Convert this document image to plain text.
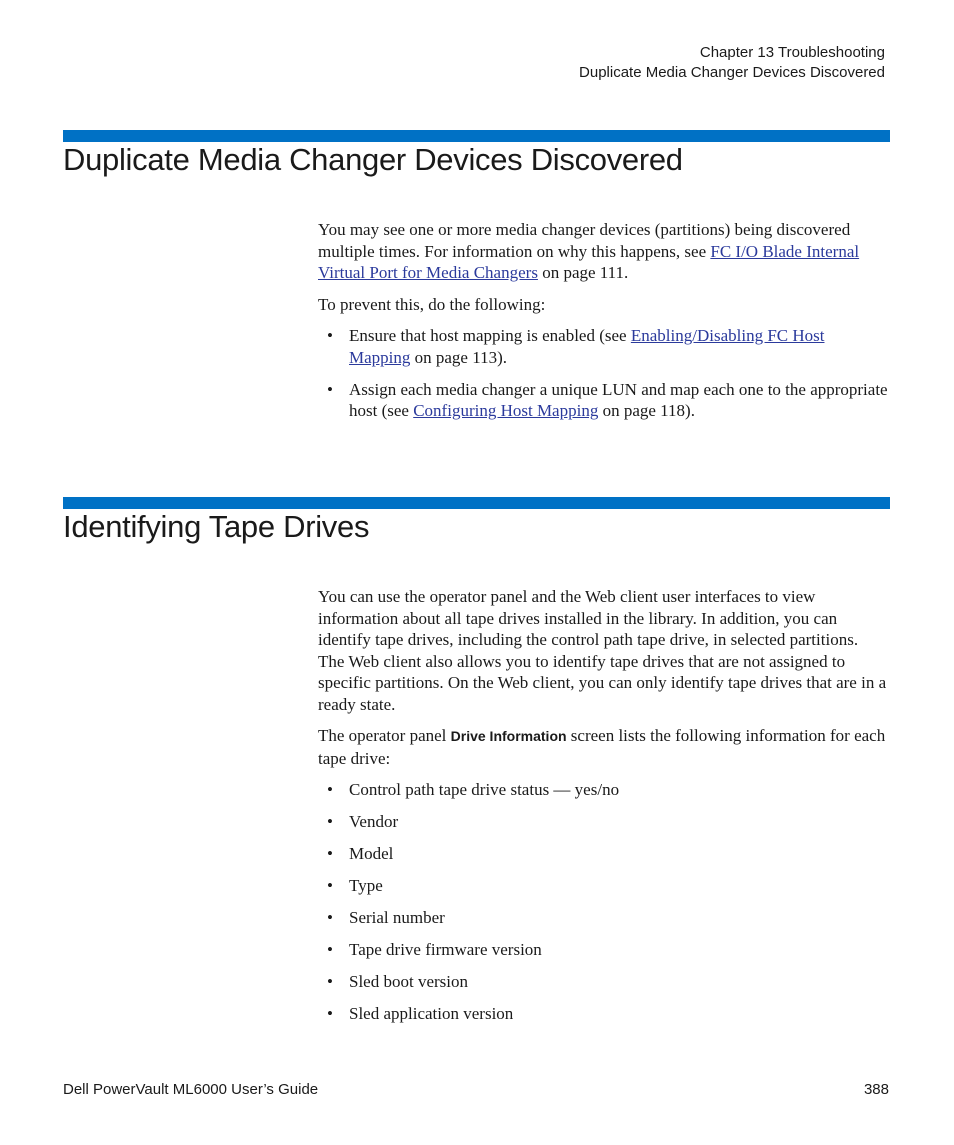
Chapter 13 Troubleshooting
Duplicate Media Changer Devices Discovered
Duplicate Media Changer Devices Discovered

You may see one or more media changer devices (partitions) being discovered multiple times. For information on why this happens, see FC I/O Blade Internal Virtual Port for Media Changers on page 111.

To prevent this, do the following:

• Ensure that host mapping is enabled (see Enabling/Disabling FC Host Mapping on page 113).
• Assign each media changer a unique LUN and map each one to the appropriate host (see Configuring Host Mapping on page 118).
Identifying Tape Drives

You can use the operator panel and the Web client user interfaces to view information about all tape drives installed in the library. In addition, you can identify tape drives, including the control path tape drive, in selected partitions. The Web client also allows you to identify tape drives that are not assigned to specific partitions. On the Web client, you can only identify tape drives that are in a ready state.

The operator panel Drive Information screen lists the following information for each tape drive:

• Control path tape drive status — yes/no
• Vendor
• Model
• Type
• Serial number
• Tape drive firmware version
• Sled boot version
• Sled application version
Dell PowerVault ML6000 User’s Guide	388
